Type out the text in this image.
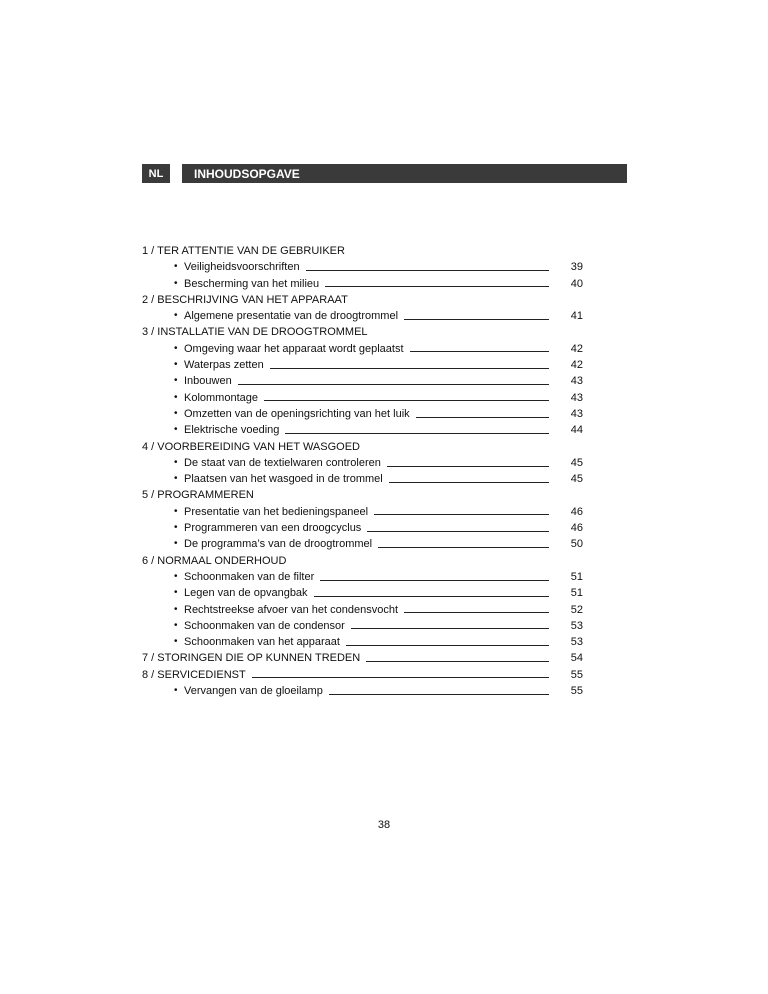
NL	INHOUDSOPGAVE
1 / TER ATTENTIE VAN DE GEBRUIKER
• Veiligheidsvoorschriften	39
• Bescherming van het milieu	40
2 / BESCHRIJVING VAN HET APPARAAT
• Algemene presentatie van de droogtrommel	41
3 / INSTALLATIE VAN DE DROOGTROMMEL
• Omgeving waar het apparaat wordt geplaatst	42
• Waterpas zetten	42
• Inbouwen	43
• Kolommontage	43
• Omzetten van de openingsrichting van het luik	43
• Elektrische voeding	44
4 / VOORBEREIDING VAN HET WASGOED
• De staat van de textielwaren controleren	45
• Plaatsen van het wasgoed in de trommel	45
5 / PROGRAMMEREN
• Presentatie van het bedieningspaneel	46
• Programmeren van een droogcyclus	46
• De programma’s van de droogtrommel	50
6 / NORMAAL ONDERHOUD
• Schoonmaken van de filter	51
• Legen van de opvangbak	51
• Rechtstreekse afvoer van het condensvocht	52
• Schoonmaken van de condensor	53
• Schoonmaken van het apparaat	53
7 / STORINGEN DIE OP KUNNEN TREDEN	54
8 / SERVICEDIENST	55
• Vervangen van de gloeilamp	55
38
